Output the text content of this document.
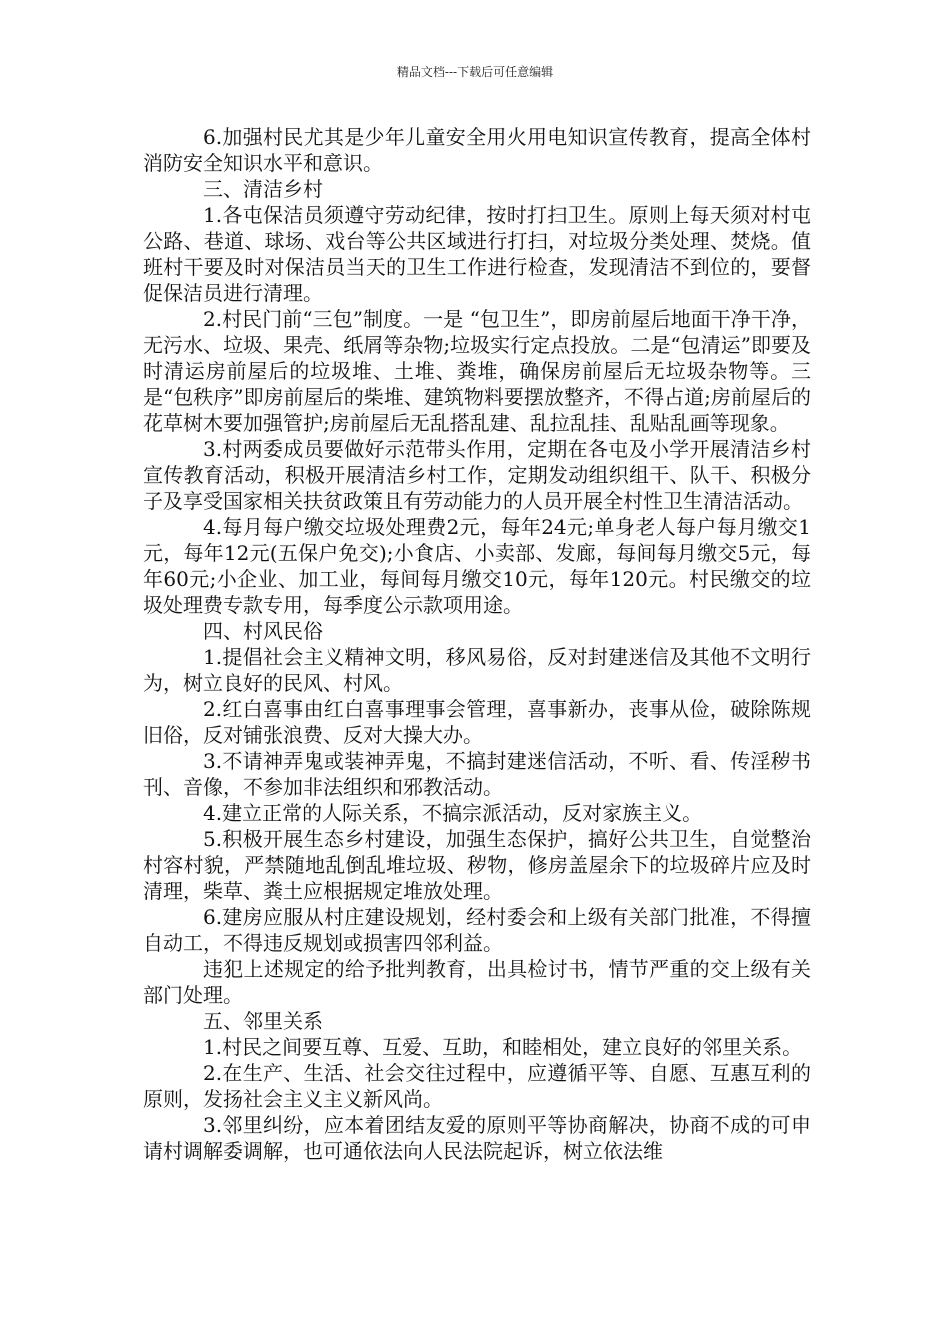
精品文档---下载后可任意编辑

6.加强村民尤其是少年儿童安全用火用电知识宣传教育，提高全体村消防安全知识水平和意识。

三、清洁乡村

1.各屯保洁员须遵守劳动纪律，按时打扫卫生。原则上每天须对村屯公路、巷道、球场、戏台等公共区域进行打扫，对垃圾分类处理、焚烧。值班村干要及时对保洁员当天的卫生工作进行检查，发现清洁不到位的，要督促保洁员进行清理。

2.村民门前“三包”制度。一是 “包卫生”，即房前屋后地面干净干净，无污水、垃圾、果壳、纸屑等杂物;垃圾实行定点投放。二是“包清运”即要及时清运房前屋后的垃圾堆、土堆、粪堆，确保房前屋后无垃圾杂物等。三是“包秩序”即房前屋后的柴堆、建筑物料要摆放整齐，不得占道;房前屋后的花草树木要加强管护;房前屋后无乱搭乱建、乱拉乱挂、乱贴乱画等现象。

3.村两委成员要做好示范带头作用，定期在各屯及小学开展清洁乡村宣传教育活动，积极开展清洁乡村工作，定期发动组织组干、队干、积极分子及享受国家相关扶贫政策且有劳动能力的人员开展全村性卫生清洁活动。

4.每月每户缴交垃圾处理费2元，每年24元;单身老人每户每月缴交1元，每年12元(五保户免交);小食店、小卖部、发廊，每间每月缴交5元，每年60元;小企业、加工业，每间每月缴交10元，每年120元。村民缴交的垃圾处理费专款专用，每季度公示款项用途。

四、村风民俗

1.提倡社会主义精神文明，移风易俗，反对封建迷信及其他不文明行为，树立良好的民风、村风。

2.红白喜事由红白喜事理事会管理，喜事新办，丧事从俭，破除陈规旧俗，反对铺张浪费、反对大操大办。

3.不请神弄鬼或装神弄鬼，不搞封建迷信活动，不听、看、传淫秽书刊、音像，不参加非法组织和邪教活动。

4.建立正常的人际关系，不搞宗派活动，反对家族主义。

5.积极开展生态乡村建设，加强生态保护，搞好公共卫生，自觉整治村容村貌，严禁随地乱倒乱堆垃圾、秽物，修房盖屋余下的垃圾碎片应及时清理，柴草、粪土应根据规定堆放处理。

6.建房应服从村庄建设规划，经村委会和上级有关部门批准，不得擅自动工，不得违反规划或损害四邻利益。

违犯上述规定的给予批判教育，出具检讨书，情节严重的交上级有关部门处理。

五、邻里关系

1.村民之间要互尊、互爱、互助，和睦相处，建立良好的邻里关系。

2.在生产、生活、社会交往过程中，应遵循平等、自愿、互惠互利的原则，发扬社会主义主义新风尚。

3.邻里纠纷，应本着团结友爱的原则平等协商解决，协商不成的可申请村调解委调解，也可通依法向人民法院起诉，树立依法维
